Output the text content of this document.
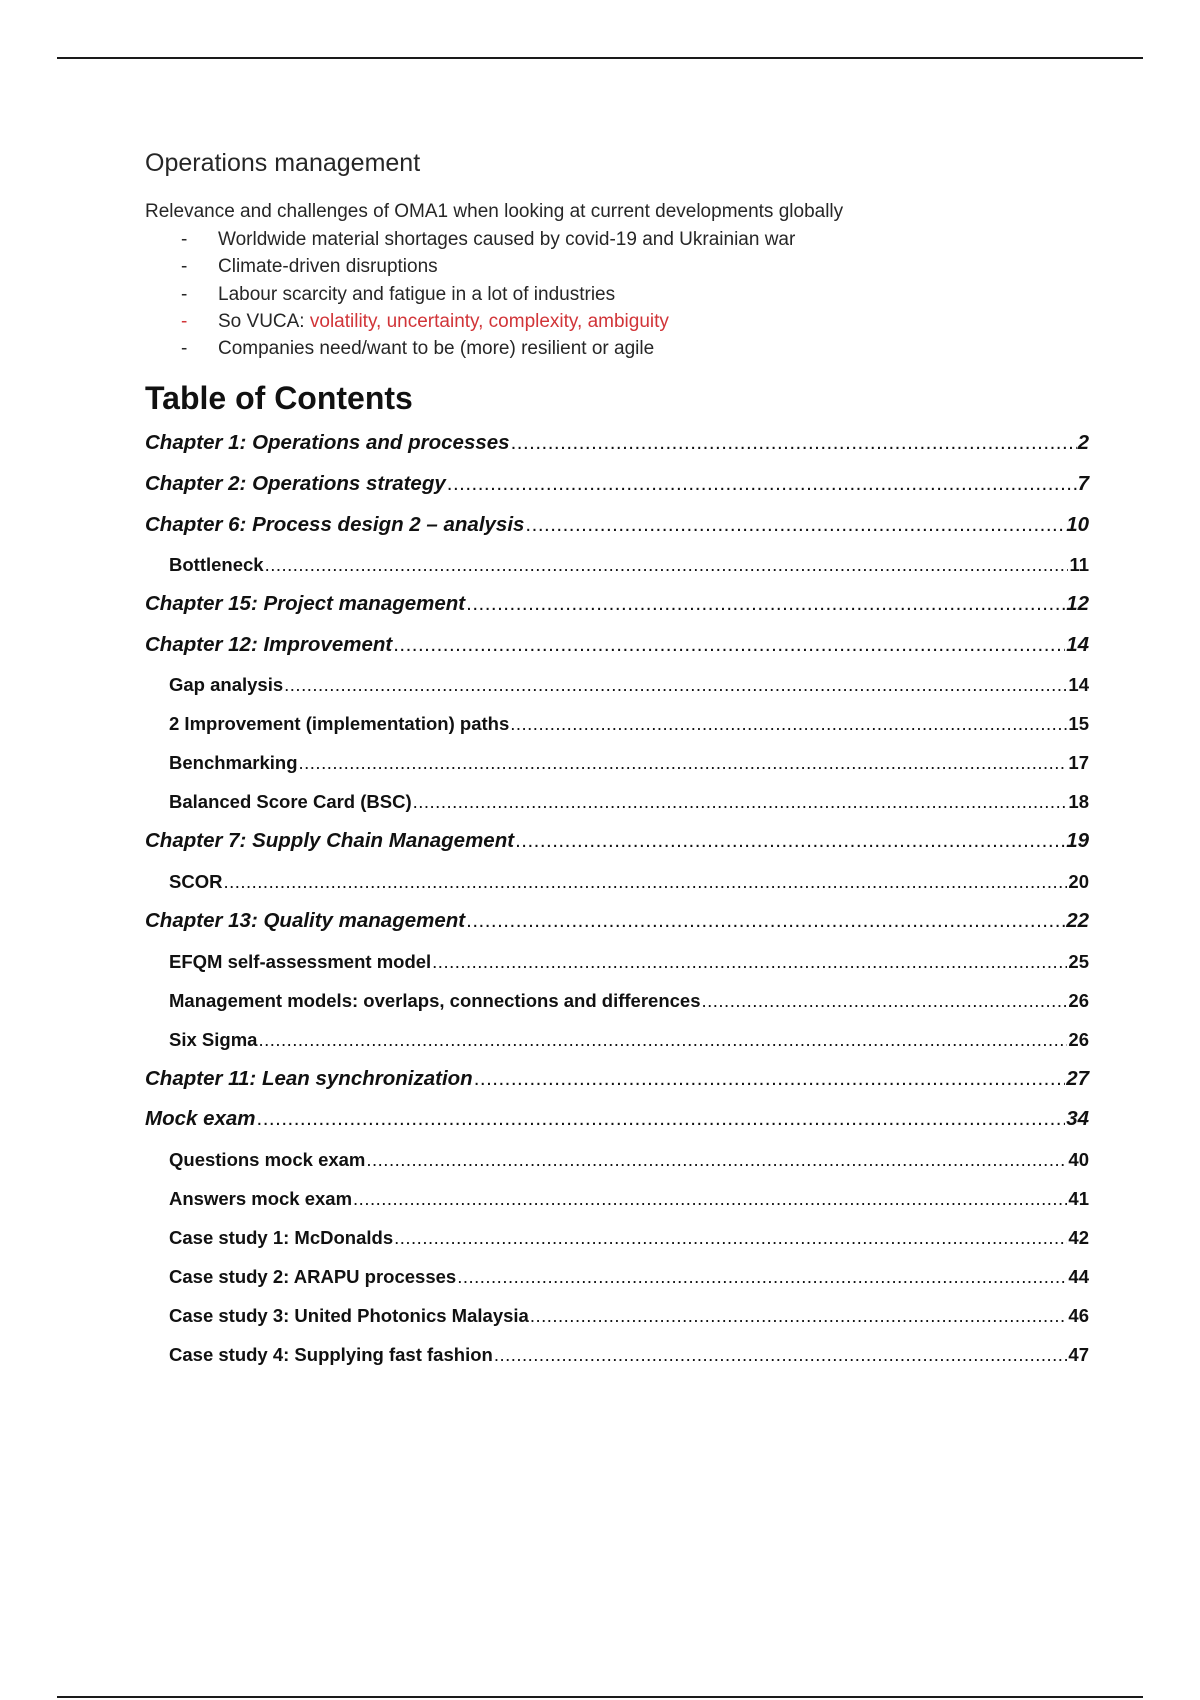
Operations management

Relevance and challenges of OMA1 when looking at current developments globally

- Worldwide material shortages caused by covid-19 and Ukrainian war
- Climate-driven disruptions
- Labour scarcity and fatigue in a lot of industries
- So VUCA: volatility, uncertainty, complexity, ambiguity
- Companies need/want to be (more) resilient or agile
Table of Contents
Chapter 1: Operations and processes .....	2
Chapter 2: Operations strategy .....	7
Chapter 6: Process design 2 – analysis .....	10
Bottleneck .....	11
Chapter 15: Project management .....	12
Chapter 12: Improvement .....	14
Gap analysis .....	14
2 Improvement (implementation) paths .....	15
Benchmarking .....	17
Balanced Score Card (BSC) .....	18
Chapter 7: Supply Chain Management .....	19
SCOR .....	20
Chapter 13: Quality management .....	22
EFQM self-assessment model .....	25
Management models: overlaps, connections and differences .....	26
Six Sigma .....	26
Chapter 11: Lean synchronization .....	27
Mock exam .....	34
Questions mock exam .....	40
Answers mock exam .....	41
Case study 1: McDonalds .....	42
Case study 2: ARAPU processes .....	44
Case study 3: United Photonics Malaysia .....	46
Case study 4: Supplying fast fashion .....	47
